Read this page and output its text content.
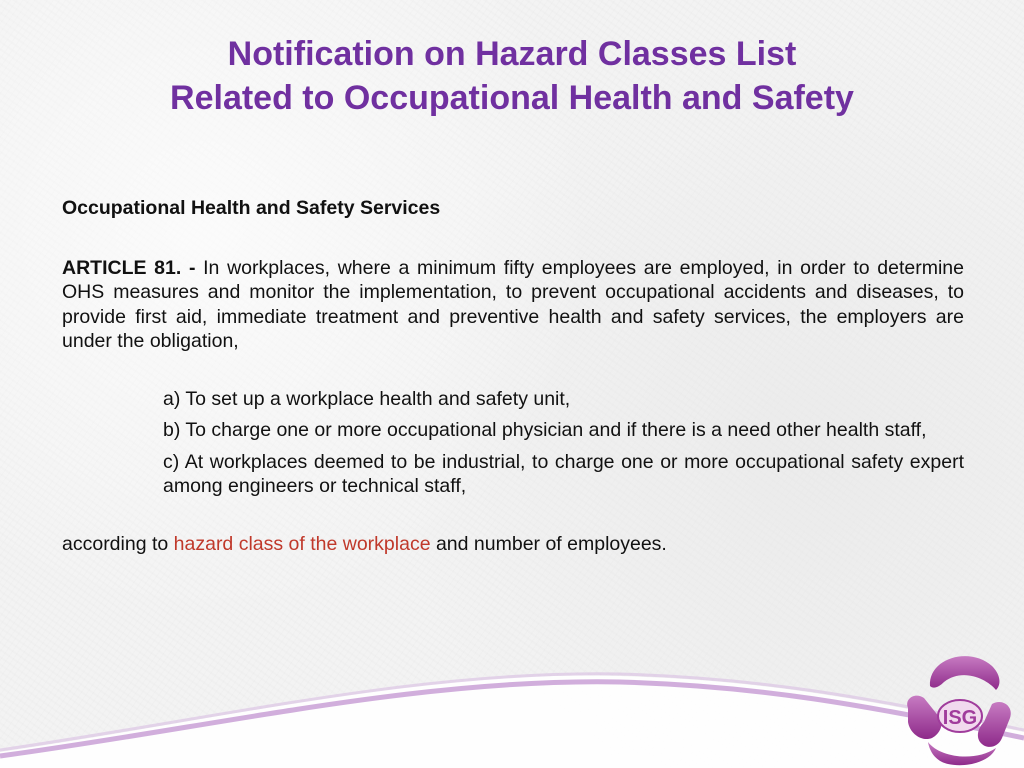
Notification on Hazard Classes List
Related to Occupational Health and Safety

Occupational Health and Safety Services

ARTICLE 81. - In workplaces, where a minimum fifty employees are employed, in order to determine OHS measures and monitor the implementation, to prevent occupational accidents and diseases, to provide first aid, immediate treatment and preventive health and safety services, the employers are under the obligation,

a) To set up a workplace health and safety unit,
b) To charge one or more occupational physician and if there is a need other health staff,
c) At workplaces deemed to be industrial, to charge one or more occupational safety expert among engineers or technical staff,

according to hazard class of the workplace and number of employees.

ISG
